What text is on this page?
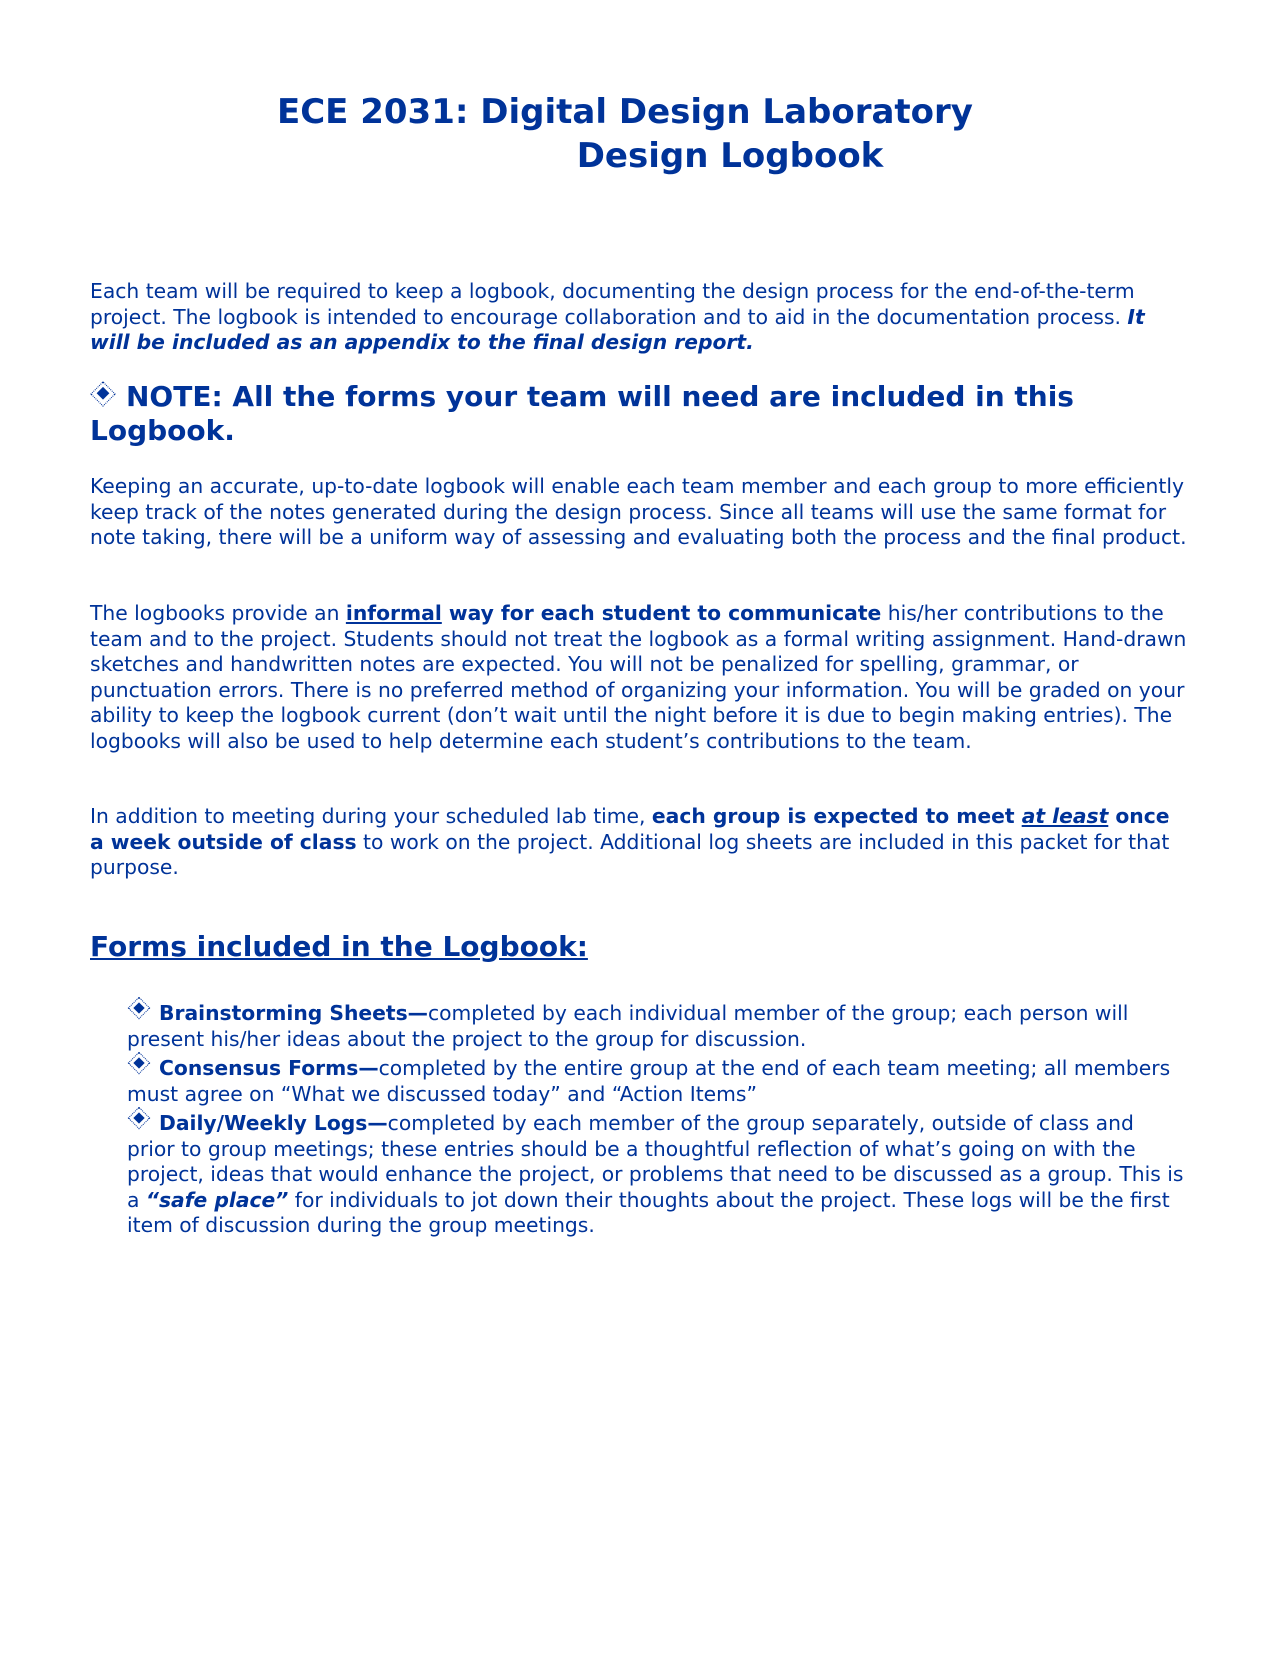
ECE 2031: Digital Design Laboratory
Design Logbook

Each team will be required to keep a logbook, documenting the design process for the end-of-the-term project. The logbook is intended to encourage collaboration and to aid in the documentation process. It will be included as an appendix to the final design report.

NOTE: All the forms your team will need are included in this Logbook.

Keeping an accurate, up-to-date logbook will enable each team member and each group to more efficiently keep track of the notes generated during the design process. Since all teams will use the same format for note taking, there will be a uniform way of assessing and evaluating both the process and the final product.

The logbooks provide an informal way for each student to communicate his/her contributions to the team and to the project. Students should not treat the logbook as a formal writing assignment. Hand-drawn sketches and handwritten notes are expected. You will not be penalized for spelling, grammar, or punctuation errors. There is no preferred method of organizing your information. You will be graded on your ability to keep the logbook current (don’t wait until the night before it is due to begin making entries). The logbooks will also be used to help determine each student’s contributions to the team.

In addition to meeting during your scheduled lab time, each group is expected to meet at least once a week outside of class to work on the project. Additional log sheets are included in this packet for that purpose.

Forms included in the Logbook:
Brainstorming Sheets—completed by each individual member of the group; each person will present his/her ideas about the project to the group for discussion.
Consensus Forms—completed by the entire group at the end of each team meeting; all members must agree on “What we discussed today” and “Action Items”
Daily/Weekly Logs—completed by each member of the group separately, outside of class and prior to group meetings; these entries should be a thoughtful reflection of what’s going on with the project, ideas that would enhance the project, or problems that need to be discussed as a group. This is a “safe place” for individuals to jot down their thoughts about the project. These logs will be the first item of discussion during the group meetings.
